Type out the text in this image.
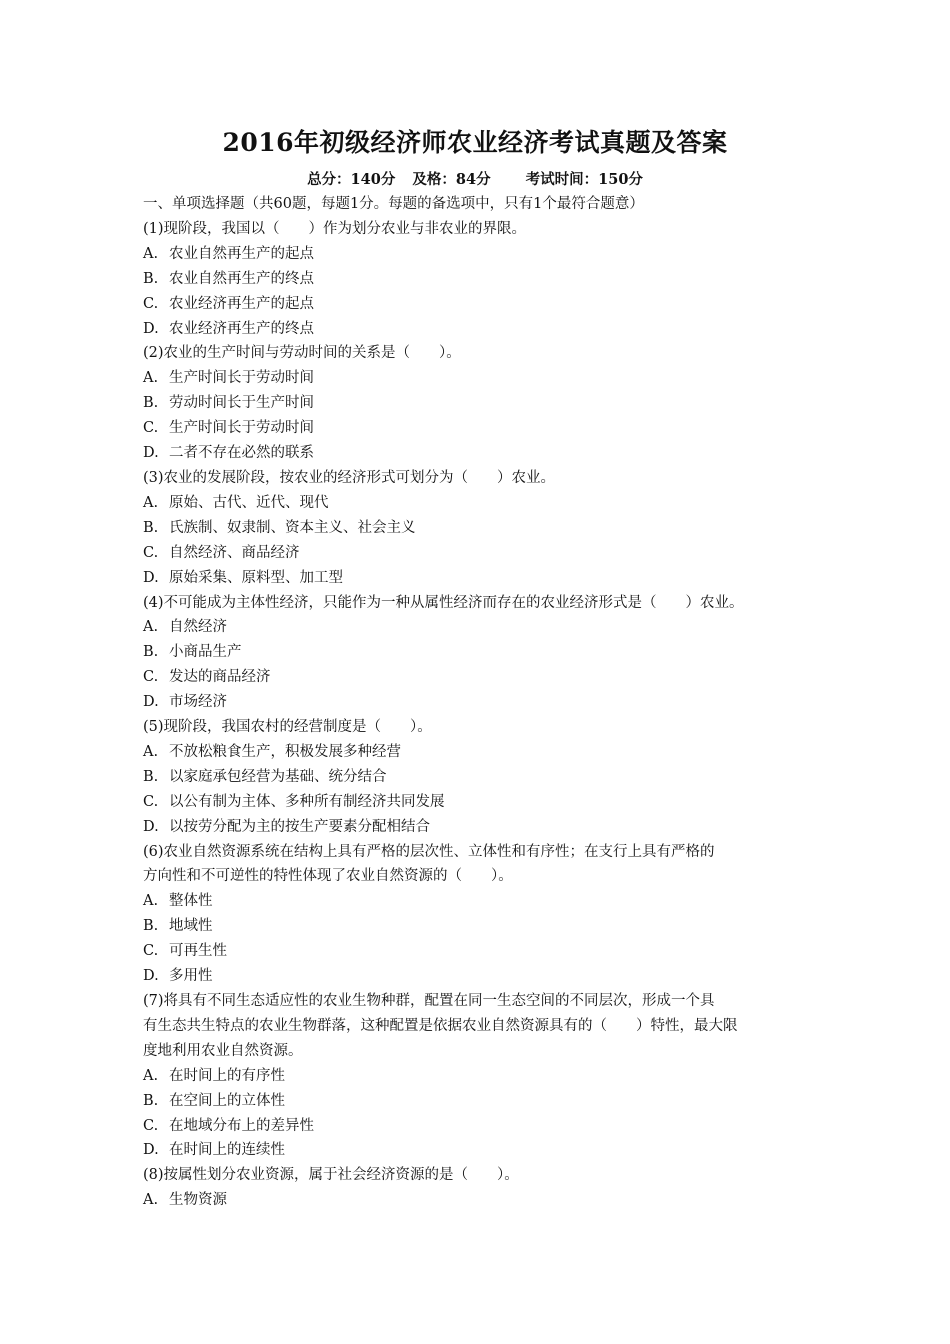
2016年初级经济师农业经济考试真题及答案
总分：140分 及格：84分 考试时间：150分
一、单项选择题（共60题，每题1分。每题的备选项中，只有1个最符合题意）
(1)现阶段，我国以（　　）作为划分农业与非农业的界限。
A. 农业自然再生产的起点
B. 农业自然再生产的终点
C. 农业经济再生产的起点
D. 农业经济再生产的终点
(2)农业的生产时间与劳动时间的关系是（　　）。
A. 生产时间长于劳动时间
B. 劳动时间长于生产时间
C. 生产时间长于劳动时间
D. 二者不存在必然的联系
(3)农业的发展阶段，按农业的经济形式可划分为（　　）农业。
A. 原始、古代、近代、现代
B. 氏族制、奴隶制、资本主义、社会主义
C. 自然经济、商品经济
D. 原始采集、原料型、加工型
(4)不可能成为主体性经济，只能作为一种从属性经济而存在的农业经济形式是（　　）农业。
A. 自然经济
B. 小商品生产
C. 发达的商品经济
D. 市场经济
(5)现阶段，我国农村的经营制度是（　　）。
A. 不放松粮食生产，积极发展多种经营
B. 以家庭承包经营为基础、统分结合
C. 以公有制为主体、多种所有制经济共同发展
D. 以按劳分配为主的按生产要素分配相结合
(6)农业自然资源系统在结构上具有严格的层次性、立体性和有序性；在支行上具有严格的
方向性和不可逆性的特性体现了农业自然资源的（　　）。
A. 整体性
B. 地域性
C. 可再生性
D. 多用性
(7)将具有不同生态适应性的农业生物种群，配置在同一生态空间的不同层次，形成一个具
有生态共生特点的农业生物群落，这种配置是依据农业自然资源具有的（　　）特性，最大限
度地利用农业自然资源。
A. 在时间上的有序性
B. 在空间上的立体性
C. 在地域分布上的差异性
D. 在时间上的连续性
(8)按属性划分农业资源，属于社会经济资源的是（　　）。
A. 生物资源
